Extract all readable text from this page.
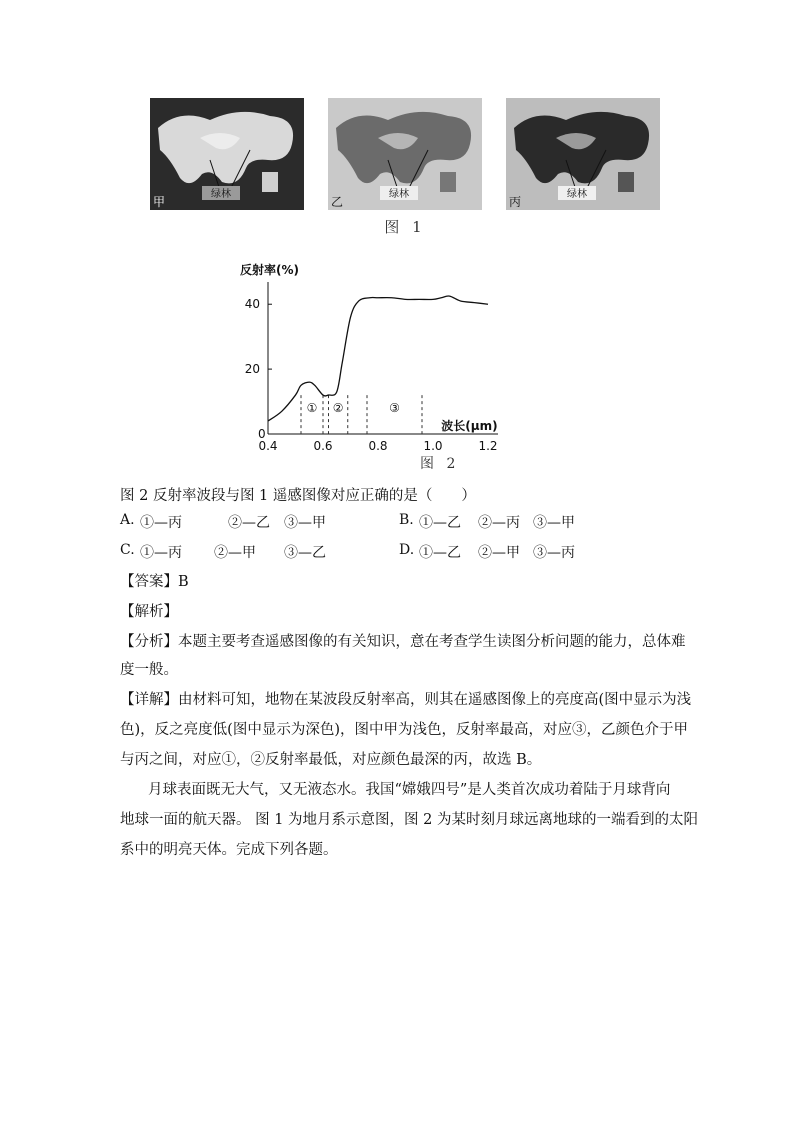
绿林
甲
绿林
乙
绿林
丙
图 1
反射率(%)
0
0.4	0.6	0.8	1.0	1.2
20
40
① ②	③
波长(μm)
图 2
图 2 反射率波段与图 1 遥感图像对应正确的是（　　）
A. ①—丙	②—乙 ③—甲	B. ①—乙 ②—丙 ③—甲
C. ①—丙 ②—甲 ③—乙	D. ①—乙 ②—甲 ③—丙
【答案】B
【解析】
【分析】本题主要考查遥感图像的有关知识，意在考查学生读图分析问题的能力，总体难
度一般。
【详解】由材料可知，地物在某波段反射率高，则其在遥感图像上的亮度高(图中显示为浅
色)，反之亮度低(图中显示为深色)，图中甲为浅色，反射率最高，对应③，乙颜色介于甲
与丙之间，对应①，②反射率最低，对应颜色最深的丙，故选 B。
月球表面既无大气，又无液态水。我国“嫦娥四号”是人类首次成功着陆于月球背向
地球一面的航天器。 图 1 为地月系示意图，图 2 为某时刻月球远离地球的一端看到的太阳
系中的明亮天体。完成下列各题。
